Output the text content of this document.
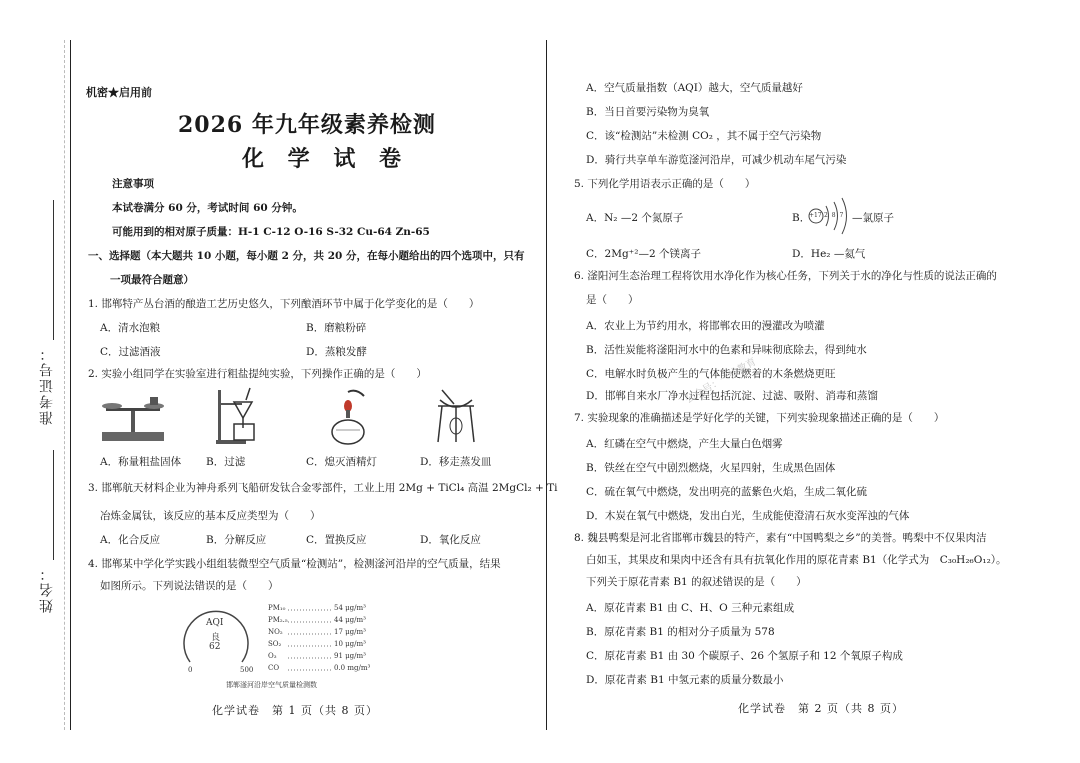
准考证号：
姓名：
机密★启用前
2026 年九年级素养检测
化 学 试 卷
注意事项
本试卷满分 60 分，考试时间 60 分钟。
可能用到的相对原子质量：H-1 C-12 O-16 S-32 Cu-64 Zn-65
一、选择题（本大题共 10 小题，每小题 2 分，共 20 分，在每小题给出的四个选项中，只有
一项最符合题意）
1. 邯郸特产丛台酒的酿造工艺历史悠久，下列酿酒环节中属于化学变化的是（　　）
A．清水泡粮	B．磨粮粉碎
C．过滤酒液	D．蒸粮发酵
2. 实验小组同学在实验室进行粗盐提纯实验，下列操作正确的是（　　）
A．称量粗盐固体 B．过滤	C．熄灭酒精灯	D．移走蒸发皿
3. 邯郸航天材料企业为神舟系列飞船研发钛合金零部件，工业上用 2Mg + TiCl₄ 高温 2MgCl₂ + Ti
冶炼金属钛，该反应的基本反应类型为（　　）
A．化合反应	B．分解反应	C．置换反应	D．氧化反应
4. 邯郸某中学化学实践小组组装微型空气质量“检测站”，检测滏河沿岸的空气质量，结果
如图所示。下列说法错误的是（　　）
AQI
良
62
0	500
PM₁₀	54 μg/m³
PM₂.₅	44 μg/m³
NO₂	17 μg/m³
SO₂	10 μg/m³
O₃	91 μg/m³
CO	0.0 mg/m³
邯郸滏河沿岸空气质量检测数
化学试卷　第 1 页（共 8 页）
A．空气质量指数（AQI）越大，空气质量越好
B．当日首要污染物为臭氧
C．该“检测站”未检测 CO₂ ，其不属于空气污染物
D．骑行共享单车游览滏河沿岸，可减少机动车尾气污染
5. 下列化学用语表示正确的是（　　）
A．N₂ —2 个氮原子	B．
+17 2 8 7 —氯原子
C．2Mg⁺²—2 个镁离子	D．He₂ —氦气
6. 滏阳河生态治理工程将饮用水净化作为核心任务，下列关于水的净化与性质的说法正确的
是（　　）
A．农业上为节约用水，将邯郸农田的漫灌改为喷灌
B．活性炭能将滏阳河水中的色素和异味彻底除去，得到纯水
C．电解水时负极产生的气体能使燃着的木条燃烧更旺
D．邯郸自来水厂净水过程包括沉淀、过滤、吸附、消毒和蒸馏
公众号：一线教育
7. 实验现象的准确描述是学好化学的关键，下列实验现象描述正确的是（　　）
A．红磷在空气中燃烧，产生大量白色烟雾
B．铁丝在空气中剧烈燃烧，火星四射，生成黑色固体
C．硫在氧气中燃烧，发出明亮的蓝紫色火焰，生成二氧化硫
D．木炭在氧气中燃烧，发出白光，生成能使澄清石灰水变浑浊的气体
8. 魏县鸭梨是河北省邯郸市魏县的特产，素有“中国鸭梨之乡”的美誉。鸭梨中不仅果肉洁
白如玉，其果皮和果肉中还含有具有抗氧化作用的原花青素 B1（化学式为　C₃₀H₂₆O₁₂）。
下列关于原花青素 B1 的叙述错误的是（　　）
A．原花青素 B1 由 C、H、O 三种元素组成
B．原花青素 B1 的相对分子质量为 578
C．原花青素 B1 由 30 个碳原子、26 个氢原子和 12 个氧原子构成
D．原花青素 B1 中氢元素的质量分数最小
化学试卷　第 2 页（共 8 页）
